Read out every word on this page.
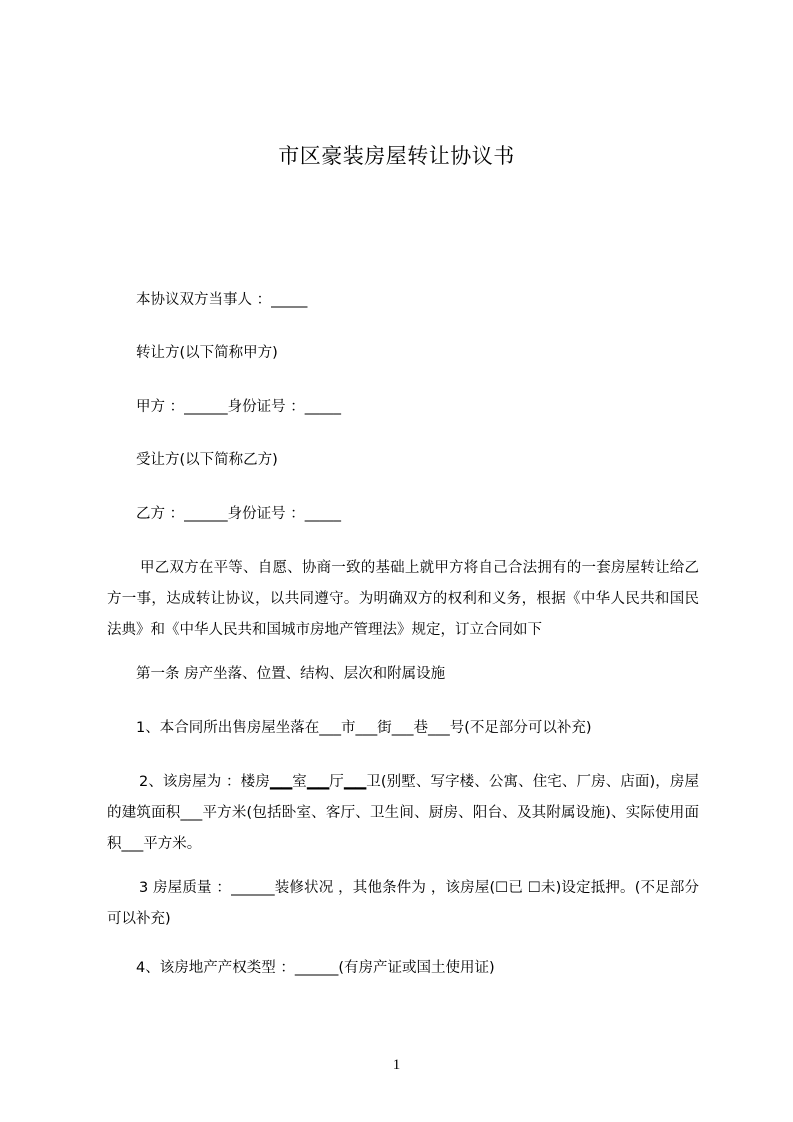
市区豪装房屋转让协议书
本协议双方当事人 ：_____
转让方(以下简称甲方)
甲方 ：______身份证号 ：_____
受让方(以下简称乙方)
乙方 ：______身份证号 ：_____
甲乙双方在平等、自愿、协商一致的基础上就甲方将自己合法拥有的一套房屋转让给乙方一事，达成转让协议，以共同遵守。为明确双方的权利和义务，根据《中华人民共和国民法典》和《中华人民共和国城市房地产管理法》规定，订立合同如下
第一条 房产坐落、位置、结构、层次和附属设施
1、本合同所出售房屋坐落在___市___街___巷___号(不足部分可以补充)
2、该房屋为 ：楼房▁▁室▁▁厅▁▁卫(别墅、写字楼、公寓、住宅、厂房、店面)，房屋的建筑面积___平方米(包括卧室、客厅、卫生间、厨房、阳台、及其附属设施)、实际使用面积___平方米。
3 房屋质量 ：______装修状况 ，其他条件为 ，该房屋(☐已 ☐未)设定抵押。(不足部分可以补充)
4、该房地产产权类型 ：______(有房产证或国土使用证)
1
